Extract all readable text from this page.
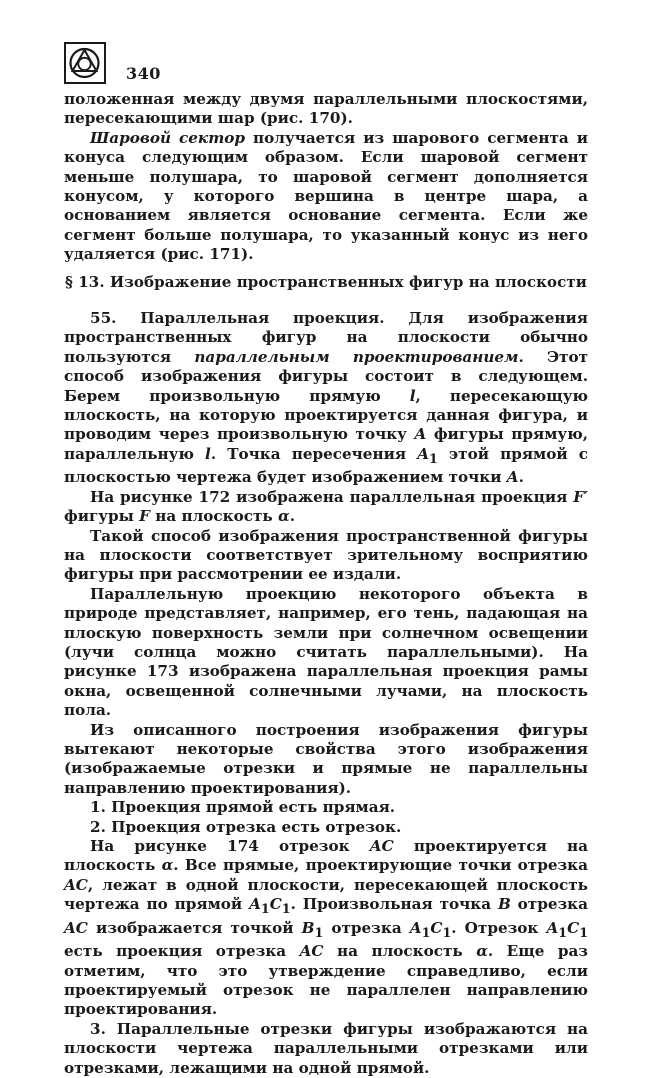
340

положенная между двумя параллельными плоскостями, пересекающими шар (рис. 170).

Шаровой сектор получается из шарового сегмента и конуса следующим образом. Если шаровой сегмент меньше полушара, то шаровой сегмент дополняется конусом, у которого вершина в центре шара, а основанием является основание сегмента. Если же сегмент больше полушара, то указанный конус из него удаляется (рис. 171).

§ 13. Изображение пространственных фигур на плоскости

55. Параллельная проекция. Для изображения пространственных фигур на плоскости обычно пользуются параллельным проектированием. Этот способ изображения фигуры состоит в следующем. Берем произвольную прямую l, пересекающую плоскость, на которую проектируется данная фигура, и проводим через произвольную точку A фигуры прямую, параллельную l. Точка пересечения $A_1$ этой прямой с плоскостью чертежа будет изображением точки A.

На рисунке 172 изображена параллельная проекция F′ фигуры F на плоскость α.

Такой способ изображения пространственной фигуры на плоскости соответствует зрительному восприятию фигуры при рассмотрении ее издали.

Параллельную проекцию некоторого объекта в природе представляет, например, его тень, падающая на плоскую поверхность земли при солнечном освещении (лучи солнца можно считать параллельными). На рисунке 173 изображена параллельная проекция рамы окна, освещенной солнечными лучами, на плоскость пола.

Из описанного построения изображения фигуры вытекают некоторые свойства этого изображения (изображаемые отрезки и прямые не параллельны направлению проектирования).

1. Проекция прямой есть прямая.

2. Проекция отрезка есть отрезок.

На рисунке 174 отрезок AC проектируется на плоскость α. Все прямые, проектирующие точки отрезка AC, лежат в одной плоскости, пересекающей плоскость чертежа по прямой $A_1C_1$. Произвольная точка B отрезка AC изображается точкой $B_1$ отрезка $A_1C_1$. Отрезок $A_1C_1$ есть проекция отрезка AC на плоскость α. Еще раз отметим, что это утверждение справедливо, если проектируемый отрезок не параллелен направлению проектирования.

3. Параллельные отрезки фигуры изображаются на плоскости чертежа параллельными отрезками или отрезками, лежащими на одной прямой.
